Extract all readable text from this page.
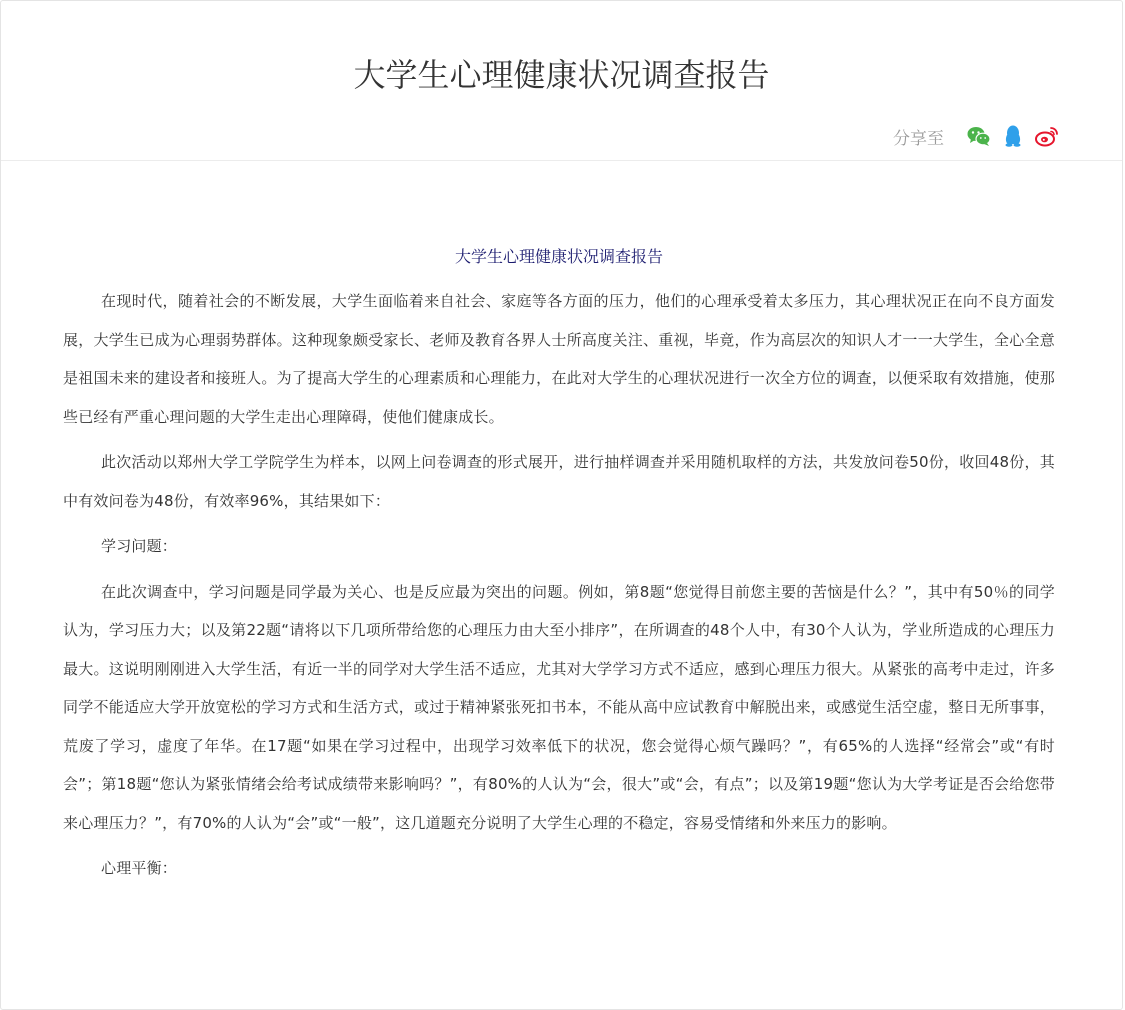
大学生心理健康状况调查报告
分享至
大学生心理健康状况调查报告

在现时代，随着社会的不断发展，大学生面临着来自社会、家庭等各方面的压力，他们的心理承受着太多压力，其心理状况正在向不良方面发展，大学生已成为心理弱势群体。这种现象颇受家长、老师及教育各界人士所高度关注、重视，毕竟，作为高层次的知识人才一一大学生，全心全意是祖国未来的建设者和接班人。为了提高大学生的心理素质和心理能力，在此对大学生的心理状况进行一次全方位的调查，以便采取有效措施，使那些已经有严重心理问题的大学生走出心理障碍，使他们健康成长。

此次活动以郑州大学工学院学生为样本，以网上问卷调查的形式展开，进行抽样调查并采用随机取样的方法，共发放问卷50份，收回48份，其中有效问卷为48份，有效率96%，其结果如下：

学习问题：

在此次调查中，学习问题是同学最为关心、也是反应最为突出的问题。例如，第8题“您觉得目前您主要的苦恼是什么？”，其中有50％的同学认为，学习压力大；以及第22题“请将以下几项所带给您的心理压力由大至小排序”，在所调查的48个人中，有30个人认为，学业所造成的心理压力最大。这说明刚刚进入大学生活，有近一半的同学对大学生活不适应，尤其对大学学习方式不适应，感到心理压力很大。从紧张的高考中走过，许多同学不能适应大学开放宽松的学习方式和生活方式，或过于精神紧张死扣书本，不能从高中应试教育中解脱出来，或感觉生活空虚，整日无所事事，荒废了学习，虚度了年华。在17题“如果在学习过程中，出现学习效率低下的状况，您会觉得心烦气躁吗？”，有65%的人选择“经常会”或“有时会”；第18题“您认为紧张情绪会给考试成绩带来影响吗？”，有80%的人认为“会，很大”或“会，有点”；以及第19题“您认为大学考证是否会给您带来心理压力？”，有70%的人认为“会”或“一般”，这几道题充分说明了大学生心理的不稳定，容易受情绪和外来压力的影响。

心理平衡：
